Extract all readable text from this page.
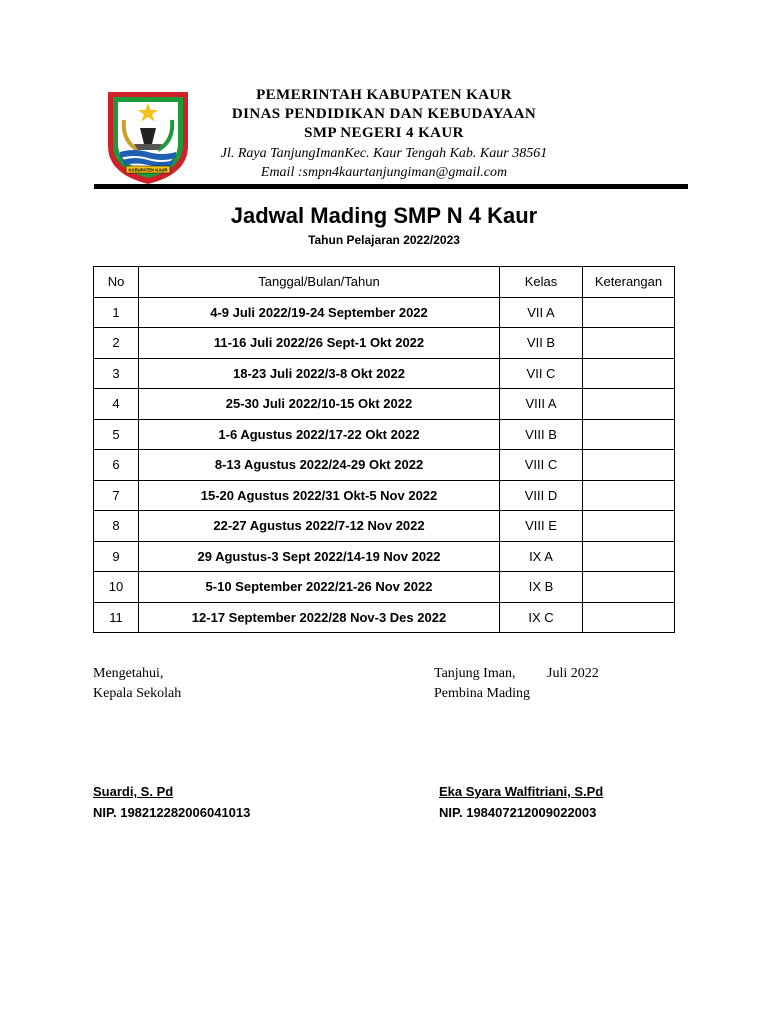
KABUPATEN KAUR
PEMERINTAH KABUPATEN KAUR
DINAS PENDIDIKAN DAN KEBUDAYAAN
SMP NEGERI 4 KAUR
Jl. Raya TanjungImanKec. Kaur Tengah Kab. Kaur 38561
Email :smpn4kaurtanjungiman@gmail.com
Jadwal Mading SMP N 4 Kaur
Tahun Pelajaran 2022/2023
No	Tanggal/Bulan/Tahun	Kelas	Keterangan
1	4-9 Juli 2022/19-24 September 2022	VII A	
2	11-16 Juli 2022/26 Sept-1 Okt 2022	VII B	
3	18-23 Juli 2022/3-8 Okt 2022	VII C	
4	25-30 Juli 2022/10-15 Okt 2022	VIII A	
5	1-6 Agustus 2022/17-22 Okt 2022	VIII B	
6	8-13 Agustus 2022/24-29 Okt 2022	VIII C	
7	15-20 Agustus 2022/31 Okt-5 Nov 2022	VIII D	
8	22-27 Agustus 2022/7-12 Nov 2022	VIII E	
9	29 Agustus-3 Sept 2022/14-19 Nov 2022	IX A	
10	5-10 September 2022/21-26 Nov 2022	IX B	
11	12-17 September 2022/28 Nov-3 Des 2022	IX C	
Mengetahui,
Kepala Sekolah
Suardi, S. Pd
NIP. 198212282006041013
Tanjung Iman, Juli 2022
Pembina Mading
Eka Syara Walfitriani, S.Pd
NIP. 198407212009022003
